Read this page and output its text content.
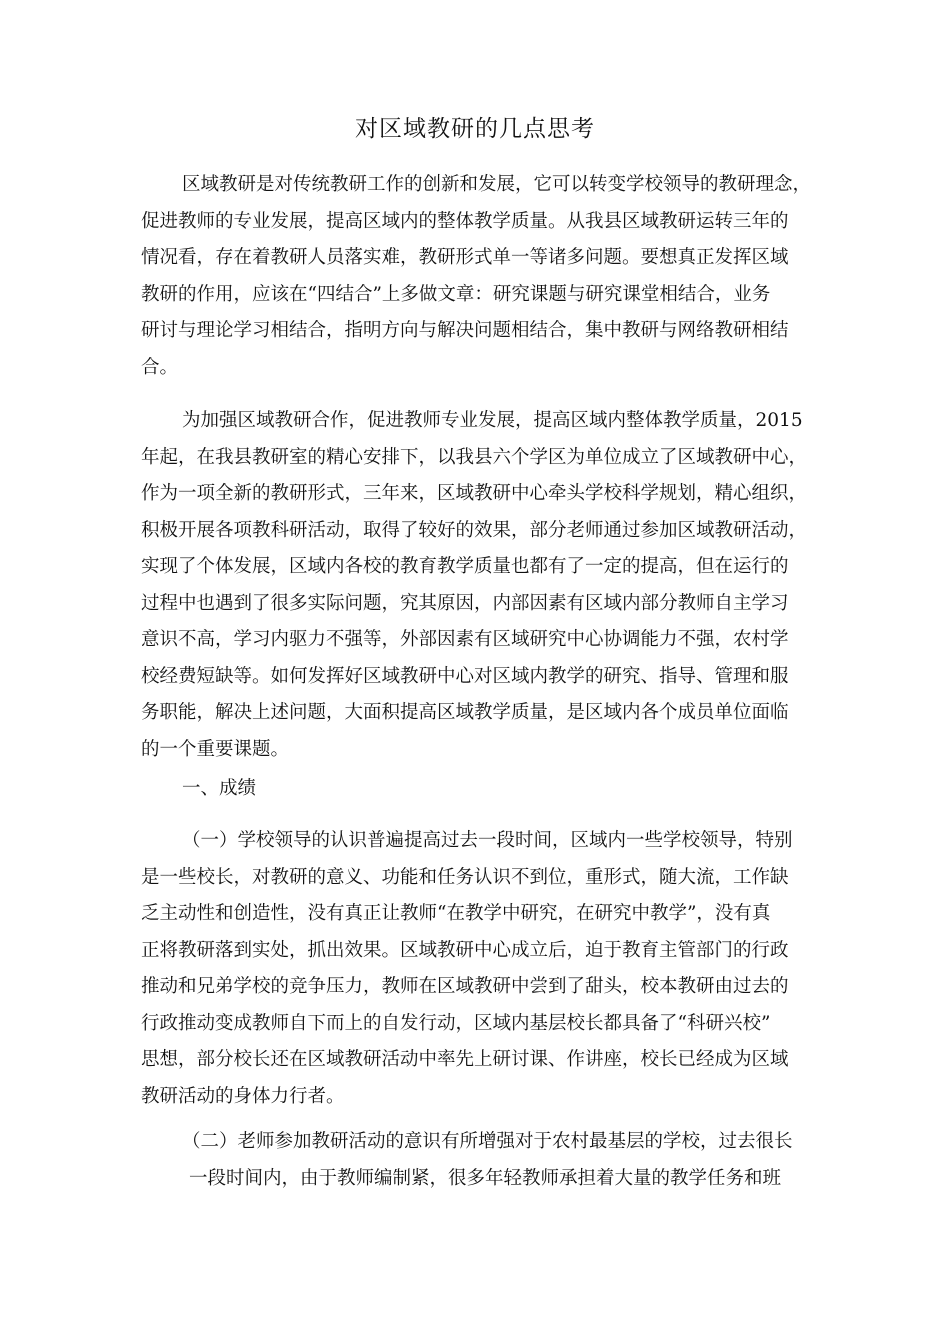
对区域教研的几点思考
区域教研是对传统教研工作的创新和发展，它可以转变学校领导的教研理念，
促进教师的专业发展，提高区域内的整体教学质量。从我县区域教研运转三年的
情况看，存在着教研人员落实难，教研形式单一等诸多问题。要想真正发挥区域
教研的作用，应该在“四结合”上多做文章：研究课题与研究课堂相结合，业务
研讨与理论学习相结合，指明方向与解决问题相结合，集中教研与网络教研相结
合。
为加强区域教研合作，促进教师专业发展，提高区域内整体教学质量，2015
年起，在我县教研室的精心安排下，以我县六个学区为单位成立了区域教研中心，
作为一项全新的教研形式，三年来，区域教研中心牵头学校科学规划，精心组织，
积极开展各项教科研活动，取得了较好的效果，部分老师通过参加区域教研活动，
实现了个体发展，区域内各校的教育教学质量也都有了一定的提高，但在运行的
过程中也遇到了很多实际问题，究其原因，内部因素有区域内部分教师自主学习
意识不高，学习内驱力不强等，外部因素有区域研究中心协调能力不强，农村学
校经费短缺等。如何发挥好区域教研中心对区域内教学的研究、指导、管理和服
务职能，解决上述问题，大面积提高区域教学质量，是区域内各个成员单位面临
的一个重要课题。
一、成绩
（一）学校领导的认识普遍提高过去一段时间，区域内一些学校领导，特别
是一些校长，对教研的意义、功能和任务认识不到位，重形式，随大流，工作缺
乏主动性和创造性，没有真正让教师“在教学中研究，在研究中教学”，没有真
正将教研落到实处，抓出效果。区域教研中心成立后，迫于教育主管部门的行政
推动和兄弟学校的竞争压力，教师在区域教研中尝到了甜头，校本教研由过去的
行政推动变成教师自下而上的自发行动，区域内基层校长都具备了“科研兴校”
思想，部分校长还在区域教研活动中率先上研讨课、作讲座，校长已经成为区域
教研活动的身体力行者。
（二）老师参加教研活动的意识有所增强对于农村最基层的学校，过去很长
一段时间内，由于教师编制紧，很多年轻教师承担着大量的教学任务和班
